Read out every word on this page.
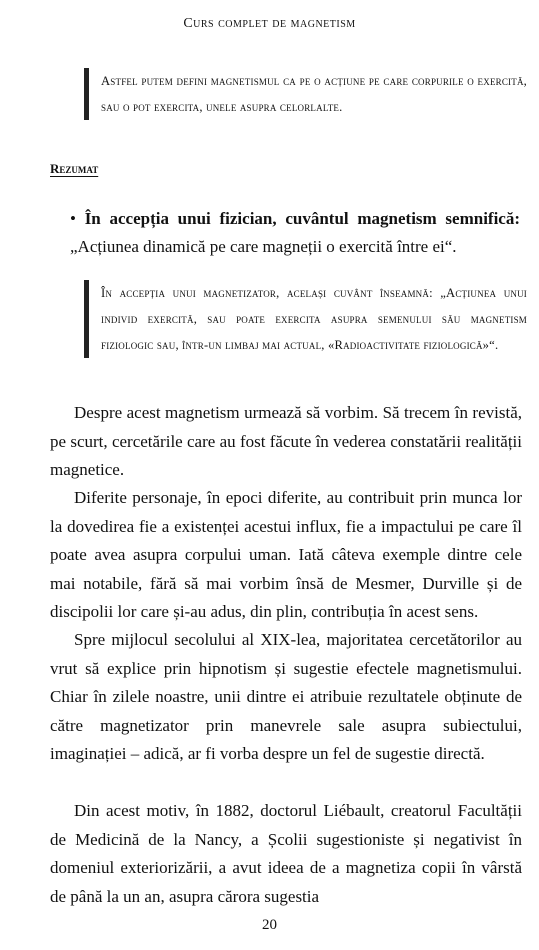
Curs complet de magnetism
Astfel putem defini magnetismul ca pe o acțiune pe care corpurile o exercită, sau o pot exercita, unele asupra celorlalte.
Rezumat
• În accepția unui fizician, cuvântul magnetism semnifică: „Acțiunea dinamică pe care magneții o exercită între ei“.
În accepția unui magnetizator, același cuvânt înseamnă: „Acțiunea unui individ exercită, sau poate exercita asupra semenului său magnetism fiziologic sau, într-un limbaj mai actual, «Radioactivitate fiziologică»“.

Despre acest magnetism urmează să vorbim. Să trecem în revistă, pe scurt, cercetările care au fost făcute în vederea constatării realității magnetice.

Diferite personaje, în epoci diferite, au contribuit prin munca lor la dovedirea fie a existenței acestui influx, fie a impactului pe care îl poate avea asupra corpului uman. Iată câteva exemple dintre cele mai notabile, fără să mai vorbim însă de Mesmer, Durville și de discipolii lor care și-au adus, din plin, contribuția în acest sens.

Spre mijlocul secolului al XIX-lea, majoritatea cercetătorilor au vrut să explice prin hipnotism și sugestie efectele magnetismului. Chiar în zilele noastre, unii dintre ei atribuie rezultatele obținute de către magnetizator prin manevrele sale asupra subiectului, imaginației – adică, ar fi vorba despre un fel de sugestie directă.

Din acest motiv, în 1882, doctorul Liébault, creatorul Facultății de Medicină de la Nancy, a Școlii sugestioniste și negativist în domeniul exteriorizării, a avut ideea de a magnetiza copii în vârstă de până la un an, asupra cărora sugestia

20
